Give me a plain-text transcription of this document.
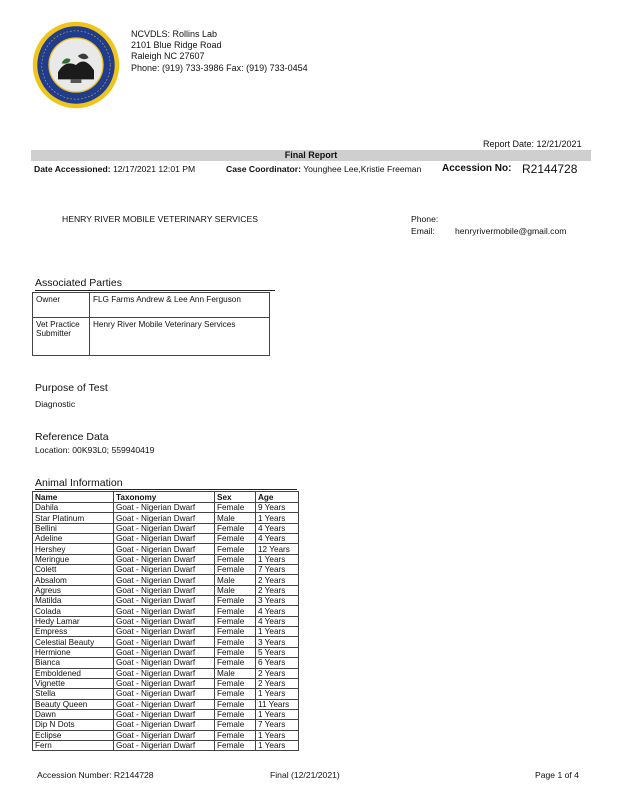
NCVDLS: Rollins Lab
2101 Blue Ridge Road
Raleigh NC 27607
Phone: (919) 733-3986 Fax: (919) 733-0454
Report Date: 12/21/2021
Final Report
Date Accessioned: 12/17/2021 12:01 PM	Case Coordinator: Younghee Lee,Kristie Freeman Accession No: R2144728
HENRY RIVER MOBILE VETERINARY SERVICES	Phone:
Email:	henryrivermobile@gmail.com
Associated Parties
Owner	FLG Farms Andrew & Lee Ann Ferguson
Vet Practice Submitter	Henry River Mobile Veterinary Services
Purpose of Test
Diagnostic
Reference Data
Location: 00K93L0; 559940419
Animal Information
Name	Taxonomy	Sex	Age
Dahila	Goat - Nigerian Dwarf	Female	9 Years
Star Platinum	Goat - Nigerian Dwarf	Male	1 Years
Bellini	Goat - Nigerian Dwarf	Female	4 Years
Adeline	Goat - Nigerian Dwarf	Female	4 Years
Hershey	Goat - Nigerian Dwarf	Female	12 Years
Meringue	Goat - Nigerian Dwarf	Female	1 Years
Colett	Goat - Nigerian Dwarf	Female	7 Years
Absalom	Goat - Nigerian Dwarf	Male	2 Years
Agreus	Goat - Nigerian Dwarf	Male	2 Years
Matilda	Goat - Nigerian Dwarf	Female	3 Years
Colada	Goat - Nigerian Dwarf	Female	4 Years
Hedy Lamar	Goat - Nigerian Dwarf	Female	4 Years
Empress	Goat - Nigerian Dwarf	Female	1 Years
Celestial Beauty	Goat - Nigerian Dwarf	Female	3 Years
Hermione	Goat - Nigerian Dwarf	Female	5 Years
Bianca	Goat - Nigerian Dwarf	Female	6 Years
Emboldened	Goat - Nigerian Dwarf	Male	2 Years
Vignette	Goat - Nigerian Dwarf	Female	2 Years
Stella	Goat - Nigerian Dwarf	Female	1 Years
Beauty Queen	Goat - Nigerian Dwarf	Female	11 Years
Dawn	Goat - Nigerian Dwarf	Female	1 Years
Dip N Dots	Goat - Nigerian Dwarf	Female	7 Years
Eclipse	Goat - Nigerian Dwarf	Female	1 Years
Fern	Goat - Nigerian Dwarf	Female	1 Years
Accession Number: R2144728	Final (12/21/2021)	Page 1 of 4
